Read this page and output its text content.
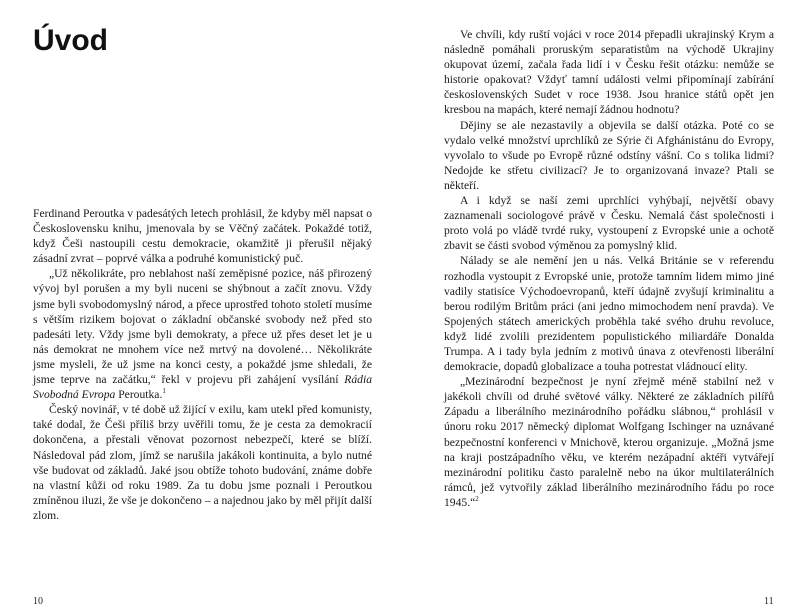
Úvod

Ferdinand Peroutka v padesátých letech prohlásil, že kdyby měl napsat o Československu knihu, jmenovala by se Věčný začátek. Pokaždé totiž, když Češi nastoupili cestu demokracie, okamžitě ji přerušil nějaký zásadní zvrat – poprvé válka a podruhé komunistický puč.

„Už několikráte, pro neblahost naší zeměpisné pozice, náš přirozený vývoj byl porušen a my byli nuceni se shýbnout a začít znovu. Vždy jsme byli svobodomyslný národ, a přece uprostřed tohoto století musíme s větším rizikem bojovat o základní občanské svobody než před sto padesáti lety. Vždy jsme byli demokraty, a přece už přes deset let je u nás demokrat ne mnohem více než mrtvý na dovolené… Několikráte jsme mysleli, že už jsme na konci cesty, a pokaždé jsme shledali, že jsme teprve na začátku,“ řekl v projevu při zahájení vysílání Rádia Svobodná Evropa Peroutka.$^1$

Český novinář, v té době už žijící v exilu, kam utekl před komunisty, také dodal, že Češi příliš brzy uvěřili tomu, že je cesta za demokracií dokončena, a přestali věnovat pozornost nebezpečí, které se blíží. Následoval pád zlom, jímž se narušila jakákoli kontinuita, a bylo nutné vše budovat od základů. Jaké jsou obtíže tohoto budování, známe dobře na vlastní kůži od roku 1989. Za tu dobu jsme poznali i Peroutkou zmíněnou iluzi, že vše je dokončeno – a najednou jako by měl přijít další zlom.

10

Ve chvíli, kdy ruští vojáci v roce 2014 přepadli ukrajinský Krym a následně pomáhali proruským separatistům na východě Ukrajiny okupovat území, začala řada lidí i v Česku řešit otázku: nemůže se historie opakovat? Vždyť tamní události velmi připomínají zabírání československých Sudet v roce 1938. Jsou hranice států opět jen kresbou na mapách, které nemají žádnou hodnotu?

Dějiny se ale nezastavily a objevila se další otázka. Poté co se vydalo velké množství uprchlíků ze Sýrie či Afghánistánu do Evropy, vyvolalo to všude po Evropě různé odstíny vášní. Co s tolika lidmi? Nedojde ke střetu civilizací? Je to organizovaná invaze? Ptali se někteří.

A i když se naší zemi uprchlíci vyhýbají, největší obavy zaznamenali sociologové právě v Česku. Nemalá část společnosti i proto volá po vládě tvrdé ruky, vystoupení z Evropské unie a ochotě zbavit se části svobod výměnou za pomyslný klid.

Nálady se ale nemění jen u nás. Velká Británie se v referendu rozhodla vystoupit z Evropské unie, protože tamním lidem mimo jiné vadily statisíce Východoevropanů, kteří údajně zvyšují kriminalitu a berou rodilým Britům práci (ani jedno mimochodem není pravda). Ve Spojených státech amerických proběhla také svého druhu revoluce, když lidé zvolili prezidentem populistického miliardáře Donalda Trumpa. A i tady byla jedním z motivů únava z otevřenosti liberální demokracie, dopadů globalizace a touha potrestat vládnoucí elity.

„Mezinárodní bezpečnost je nyní zřejmě méně stabilní než v jakékoli chvíli od druhé světové války. Některé ze základních pilířů Západu a liberálního mezinárodního pořádku slábnou,“ prohlásil v únoru roku 2017 německý diplomat Wolfgang Ischinger na uznávané bezpečnostní konferenci v Mnichově, kterou organizuje. „Možná jsme na kraji postzápadního věku, ve kterém nezápadní aktéři vytvářejí mezinárodní politiku často paralelně nebo na úkor multilaterálních rámců, jež vytvořily základ liberálního mezinárodního řádu po roce 1945.“$^2$

11
